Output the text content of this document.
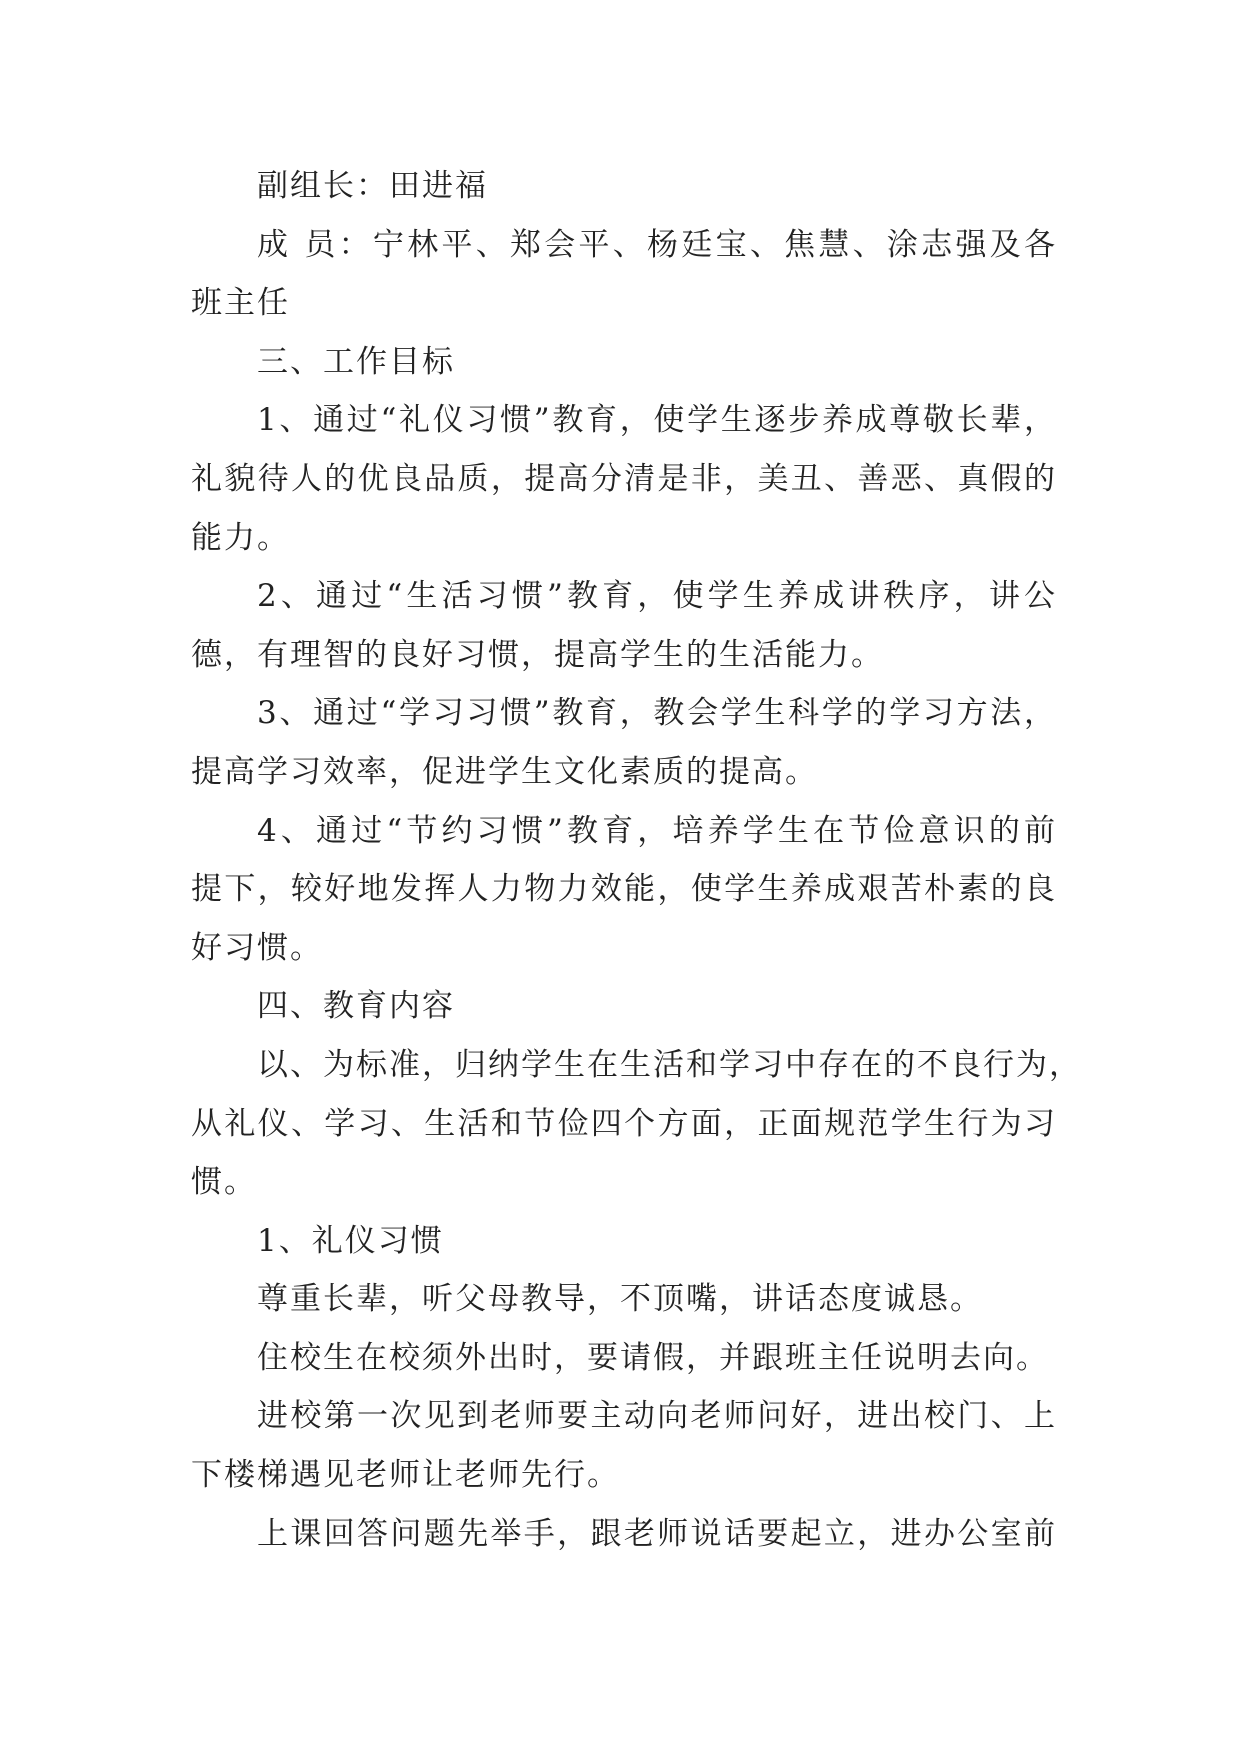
副组长：田进福
成 员：宁林平、郑会平、杨廷宝、焦慧、涂志强及各
班主任
三、工作目标
1、通过“礼仪习惯”教育，使学生逐步养成尊敬长辈，
礼貌待人的优良品质，提高分清是非，美丑、善恶、真假的
能力。
2、通过“生活习惯”教育，使学生养成讲秩序，讲公
德，有理智的良好习惯，提高学生的生活能力。
3、通过“学习习惯”教育，教会学生科学的学习方法，
提高学习效率，促进学生文化素质的提高。
4、通过“节约习惯”教育，培养学生在节俭意识的前
提下，较好地发挥人力物力效能，使学生养成艰苦朴素的良
好习惯。
四、教育内容
以、为标准，归纳学生在生活和学习中存在的不良行为，
从礼仪、学习、生活和节俭四个方面，正面规范学生行为习
惯。
1、礼仪习惯
尊重长辈，听父母教导，不顶嘴，讲话态度诚恳。
住校生在校须外出时，要请假，并跟班主任说明去向。
进校第一次见到老师要主动向老师问好，进出校门、上
下楼梯遇见老师让老师先行。
上课回答问题先举手，跟老师说话要起立，进办公室前
